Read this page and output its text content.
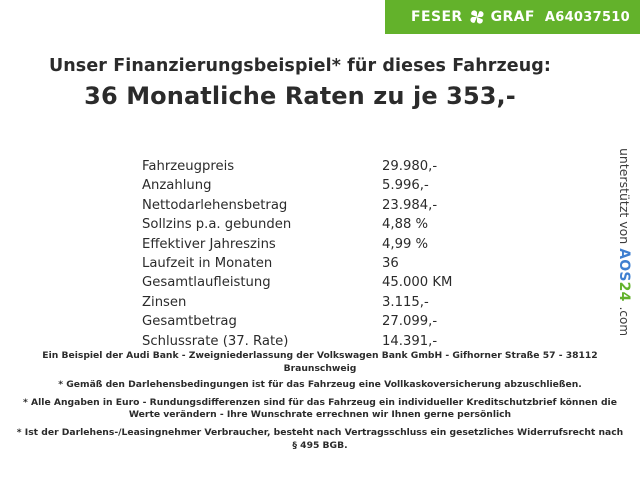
FESER GRAF A64037510
Unser Finanzierungsbeispiel* für dieses Fahrzeug:
36 Monatliche Raten zu je 353,-
Fahrzeugpreis	29.980,-
Anzahlung	5.996,-
Nettodarlehensbetrag	23.984,-
Sollzins p.a. gebunden	4,88 %
Effektiver Jahreszins	4,99 %
Laufzeit in Monaten	36
Gesamtlaufleistung	45.000 KM
Zinsen	3.115,-
Gesamtbetrag	27.099,-
Schlussrate (37. Rate)	14.391,-
unterstützt von AOS24 .com
Ein Beispiel der Audi Bank - Zweigniederlassung der Volkswagen Bank GmbH - Gifhorner Straße 57 - 38112 Braunschweig
* Gemäß den Darlehensbedingungen ist für das Fahrzeug eine Vollkaskoversicherung abzuschließen.
* Alle Angaben in Euro - Rundungsdifferenzen sind für das Fahrzeug ein individueller Kreditschutzbrief können die Werte verändern - Ihre Wunschrate errechnen wir Ihnen gerne persönlich
* Ist der Darlehens-/Leasingnehmer Verbraucher, besteht nach Vertragsschluss ein gesetzliches Widerrufsrecht nach § 495 BGB.
